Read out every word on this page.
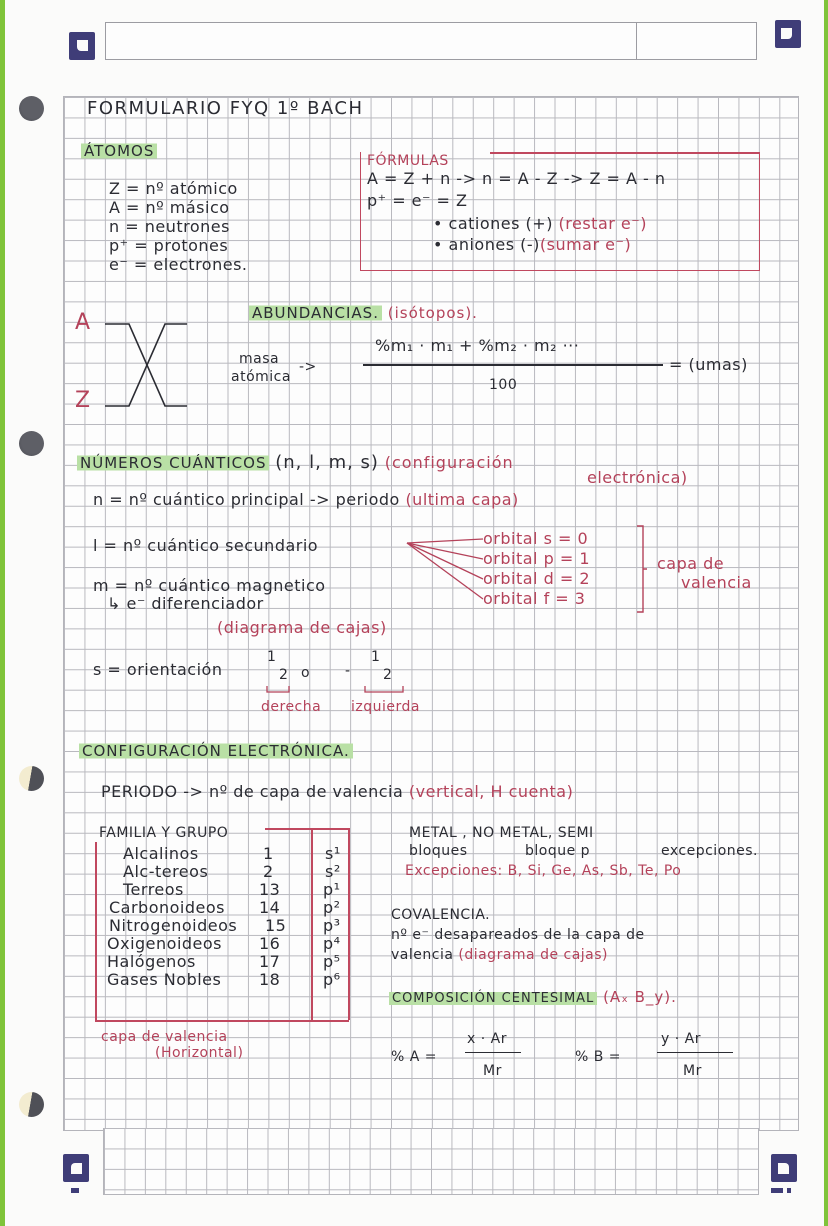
FORMULARIO FYQ 1º BACH
ÁTOMOS
Z = nº atómico
A = nº másico
n = neutrones
p⁺ = protones
e⁻ = electrones.
FÓRMULAS
A = Z + n -> n = A - Z -> Z = A - n
p⁺ = e⁻ = Z
• cationes (+) (restar e⁻)
• aniones (-)(sumar e⁻)
A
Z
ABUNDANCIAS. (isótopos).
masa
atómica
->
%m₁ · m₁ + %m₂ · m₂ ···
100
= (umas)
NÚMEROS CUÁNTICOS (n, l, m, s) (configuración
electrónica)
n = nº cuántico principal -> periodo (ultima capa)
l = nº cuántico secundario
m = nº cuántico magnetico
↳ e⁻ diferenciador
(diagrama de cajas)
orbital s = 0
orbital p = 1
orbital d = 2
orbital f = 3
capa de
valencia
s = orientación
1
2 o -
1
2
derecha izquierda
CONFIGURACIÓN ELECTRÓNICA.
PERIODO -> nº de capa de valencia (vertical, H cuenta)
FAMILIA Y GRUPO
Alcalinos	1	s¹
Alc-tereos	2	s²
Terreos	13	p¹
Carbonoideos 14	p²
Nitrogenoideos 15 p³
Oxigenoideos 16	p⁴
Halógenos	17	p⁵
Gases Nobles 18	p⁶
capa de valencia
(Horizontal)
METAL , NO METAL, SEMI
bloques	bloque p	excepciones.
Excepciones: B, Si, Ge, As, Sb, Te, Po
COVALENCIA.
nº e⁻ desapareados de la capa de
valencia (diagrama de cajas)
COMPOSICIÓN CENTESIMAL (Aₓ B_y).
% A =
x · Ar
Mr
% B =
y · Ar
Mr
